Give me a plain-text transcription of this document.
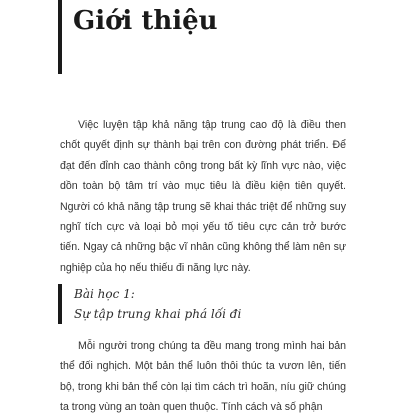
Giới thiệu

Việc luyện tập khả năng tập trung cao độ là điều then chốt quyết định sự thành bại trên con đường phát triển. Để đạt đến đỉnh cao thành công trong bất kỳ lĩnh vực nào, việc dồn toàn bộ tâm trí vào mục tiêu là điều kiện tiên quyết. Người có khả năng tập trung sẽ khai thác triệt để những suy nghĩ tích cực và loại bỏ mọi yếu tố tiêu cực cản trở bước tiến. Ngay cả những bậc vĩ nhân cũng không thể làm nên sự nghiệp của họ nếu thiếu đi năng lực này.

Bài học 1:
Sự tập trung khai phá lối đi

Mỗi người trong chúng ta đều mang trong mình hai bản thể đối nghịch. Một bản thể luôn thôi thúc ta vươn lên, tiến bộ, trong khi bản thể còn lại tìm cách trì hoãn, níu giữ chúng ta trong vùng an toàn quen thuộc. Tính cách và số phận
